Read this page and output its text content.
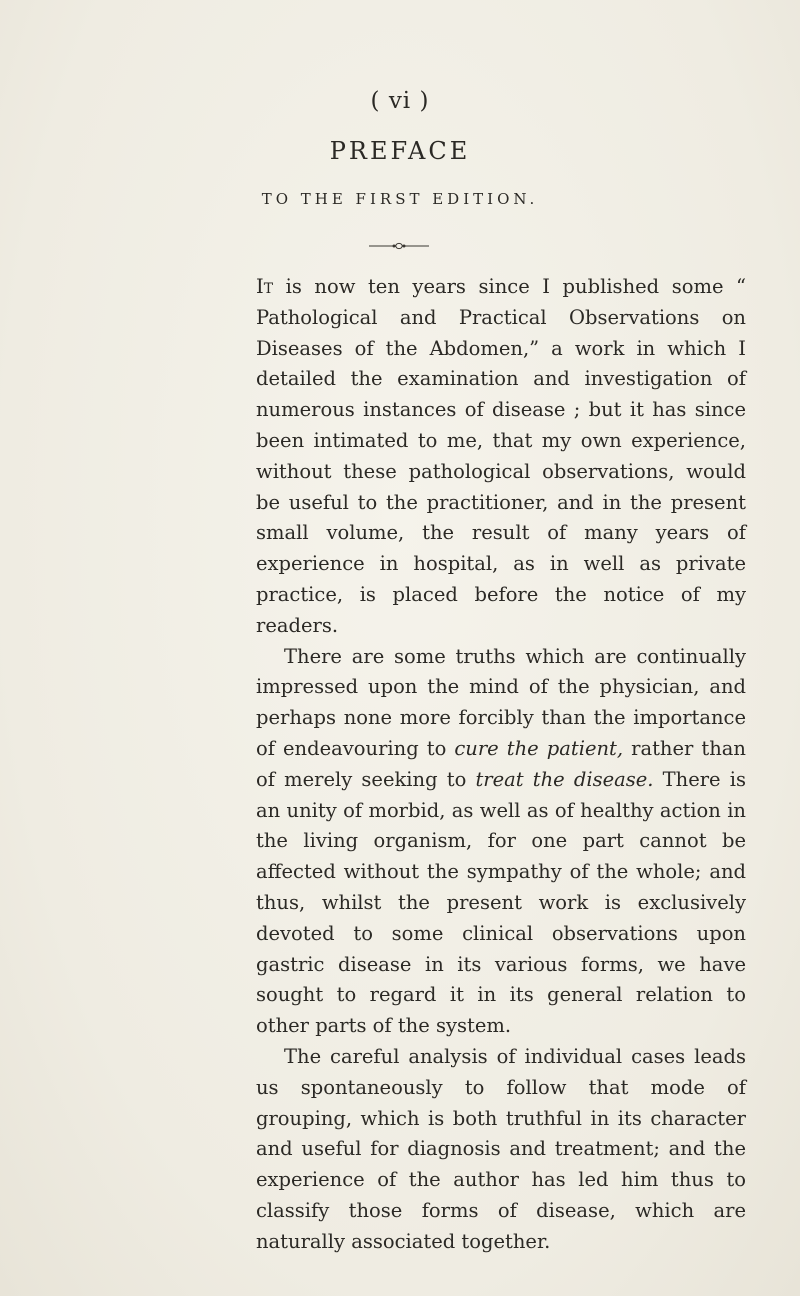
( vi )
PREFACE
TO THE FIRST EDITION.

It is now ten years since I published some “ Pathological and Practical Observations on Diseases of the Abdomen,” a work in which I detailed the examination and investigation of numerous instances of disease ; but it has since been intimated to me, that my own experience, without these pathological observations, would be useful to the practitioner, and in the present small volume, the result of many years of experience in hospital, as in well as private practice, is placed before the notice of my readers.

There are some truths which are continually impressed upon the mind of the physician, and perhaps none more forcibly than the importance of endeavouring to cure the patient, rather than of merely seeking to treat the disease. There is an unity of morbid, as well as of healthy action in the living organism, for one part cannot be affected without the sympathy of the whole; and thus, whilst the present work is exclusively devoted to some clinical observations upon gastric disease in its various forms, we have sought to regard it in its general relation to other parts of the system.

The careful analysis of individual cases leads us spontaneously to follow that mode of grouping, which is both truthful in its character and useful for diagnosis and treatment; and the experience of the author has led him thus to classify those forms of disease, which are naturally associated together.
